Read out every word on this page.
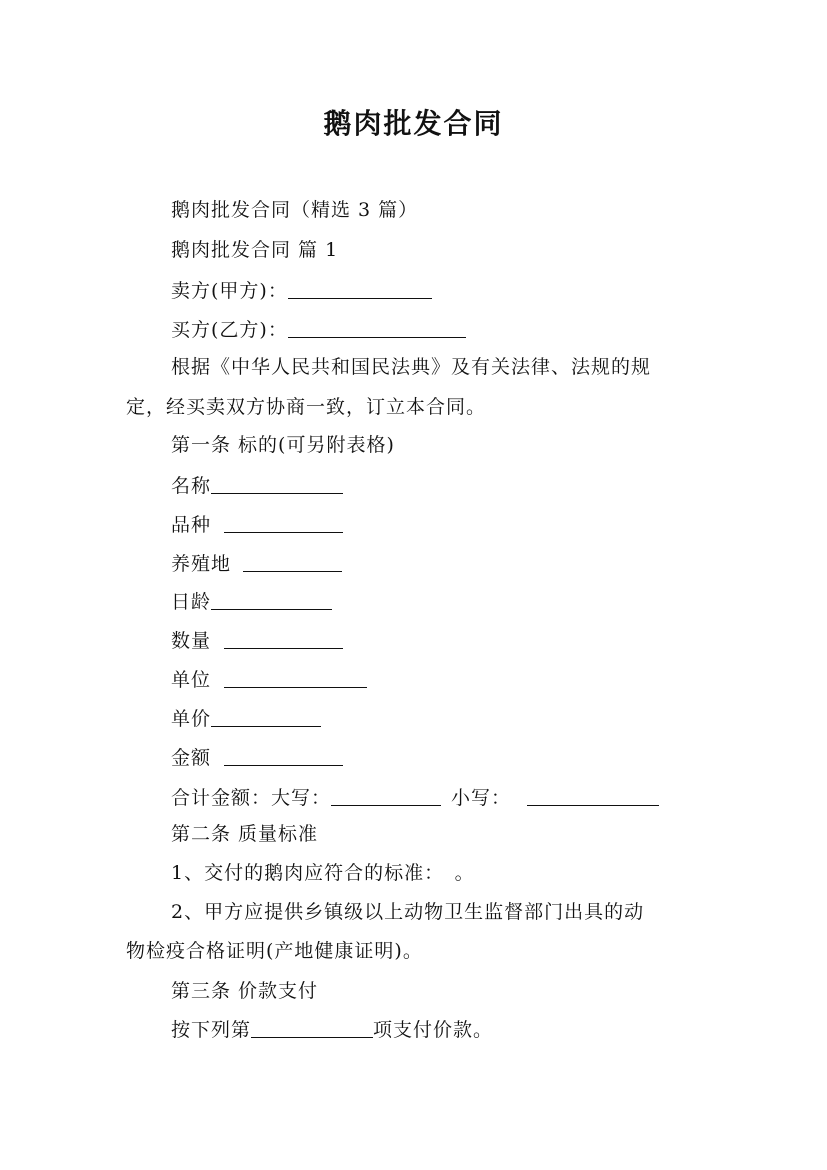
鹅肉批发合同
鹅肉批发合同（精选 3 篇）
鹅肉批发合同 篇 1
卖方(甲方)：
买方(乙方)：
根据《中华人民共和国民法典》及有关法律、法规的规
定，经买卖双方协商一致，订立本合同。
第一条 标的(可另附表格)
名称
品种
养殖地
日龄
数量
单位
单价
金额
合计金额：大写：	小写：
第二条 质量标准
1、交付的鹅肉应符合的标准：　。
2、甲方应提供乡镇级以上动物卫生监督部门出具的动
物检疫合格证明(产地健康证明)。
第三条 价款支付
按下列第	项支付价款。
